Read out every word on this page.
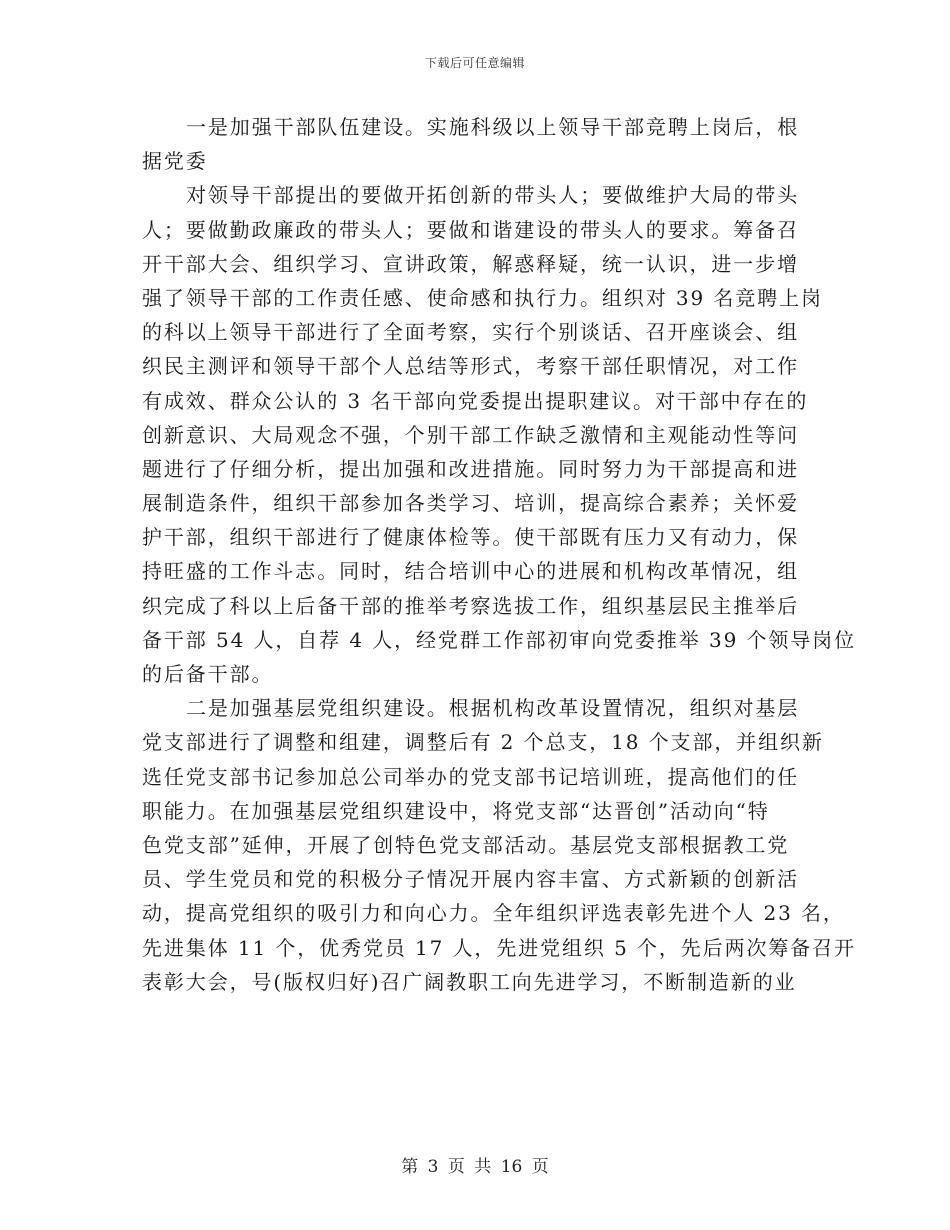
下载后可任意编辑
一是加强干部队伍建设。实施科级以上领导干部竞聘上岗后，根
据党委
对领导干部提出的要做开拓创新的带头人；要做维护大局的带头
人；要做勤政廉政的带头人；要做和谐建设的带头人的要求。筹备召
开干部大会、组织学习、宣讲政策，解惑释疑，统一认识，进一步增
强了领导干部的工作责任感、使命感和执行力。组织对 39 名竞聘上岗
的科以上领导干部进行了全面考察，实行个别谈话、召开座谈会、组
织民主测评和领导干部个人总结等形式，考察干部任职情况，对工作
有成效、群众公认的 3 名干部向党委提出提职建议。对干部中存在的
创新意识、大局观念不强，个别干部工作缺乏激情和主观能动性等问
题进行了仔细分析，提出加强和改进措施。同时努力为干部提高和进
展制造条件，组织干部参加各类学习、培训，提高综合素养；关怀爱
护干部，组织干部进行了健康体检等。使干部既有压力又有动力，保
持旺盛的工作斗志。同时，结合培训中心的进展和机构改革情况，组
织完成了科以上后备干部的推举考察选拔工作，组织基层民主推举后
备干部 54 人，自荐 4 人，经党群工作部初审向党委推举 39 个领导岗位
的后备干部。
二是加强基层党组织建设。根据机构改革设置情况，组织对基层
党支部进行了调整和组建，调整后有 2 个总支，18 个支部，并组织新
选任党支部书记参加总公司举办的党支部书记培训班，提高他们的任
职能力。在加强基层党组织建设中，将党支部“达晋创”活动向“特
色党支部”延伸，开展了创特色党支部活动。基层党支部根据教工党
员、学生党员和党的积极分子情况开展内容丰富、方式新颖的创新活
动，提高党组织的吸引力和向心力。全年组织评选表彰先进个人 23 名，
先进集体 11 个，优秀党员 17 人，先进党组织 5 个，先后两次筹备召开
表彰大会，号(版权归好)召广阔教职工向先进学习，不断制造新的业
第 3 页 共 16 页
